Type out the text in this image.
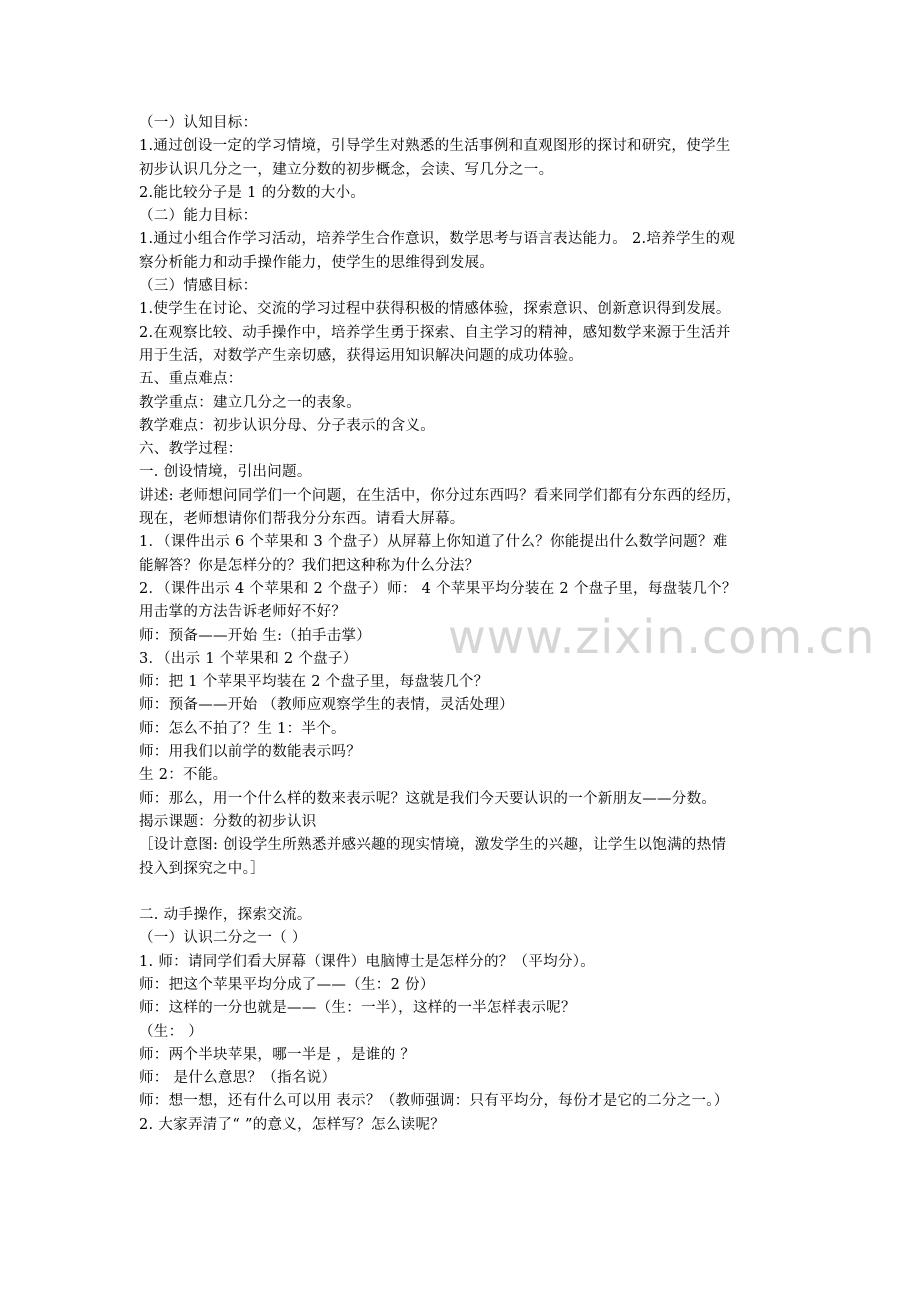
www.zixin.com.cn
（一）认知目标：
1.通过创设一定的学习情境，引导学生对熟悉的生活事例和直观图形的探讨和研究，使学生
初步认识几分之一，建立分数的初步概念，会读、写几分之一。
2.能比较分子是 1 的分数的大小。
（二）能力目标：
1.通过小组合作学习活动，培养学生合作意识，数学思考与语言表达能力。 2.培养学生的观
察分析能力和动手操作能力，使学生的思维得到发展。
（三）情感目标：
1.使学生在讨论、交流的学习过程中获得积极的情感体验，探索意识、创新意识得到发展。
2.在观察比较、动手操作中，培养学生勇于探索、自主学习的精神，感知数学来源于生活并
用于生活，对数学产生亲切感，获得运用知识解决问题的成功体验。
五、重点难点：
教学重点：建立几分之一的表象。
教学难点：初步认识分母、分子表示的含义。
六、教学过程：
一. 创设情境，引出问题。
讲述: 老师想问同学们一个问题，在生活中，你分过东西吗？看来同学们都有分东西的经历，
现在，老师想请你们帮我分分东西。请看大屏幕。
1．（课件出示 6 个苹果和 3 个盘子）从屏幕上你知道了什么？你能提出什么数学问题？难
能解答？你是怎样分的？我们把这种称为什么分法？
2．（课件出示 4 个苹果和 2 个盘子）师： 4 个苹果平均分装在 2 个盘子里，每盘装几个？
用击掌的方法告诉老师好不好？
师：预备——开始 生:（拍手击掌）
3．（出示 1 个苹果和 2 个盘子）
师：把 1 个苹果平均装在 2 个盘子里，每盘装几个？
师：预备——开始 （教师应观察学生的表情，灵活处理）
师：怎么不拍了？生 1：半个。
师：用我们以前学的数能表示吗？
生 2：不能。
师：那么，用一个什么样的数来表示呢？这就是我们今天要认识的一个新朋友——分数。
揭示课题：分数的初步认识
［设计意图: 创设学生所熟悉并感兴趣的现实情境，激发学生的兴趣，让学生以饱满的热情
投入到探究之中。］
二. 动手操作，探索交流。
（一）认识二分之一（ ）
1. 师：请同学们看大屏幕（课件）电脑博士是怎样分的？（平均分）。
师：把这个苹果平均分成了——（生：2 份）
师：这样的一分也就是——（生：一半），这样的一半怎样表示呢？
（生： ）
师：两个半块苹果，哪一半是 ，是谁的 ？
师： 是什么意思？（指名说）
师：想一想，还有什么可以用 表示？（教师强调：只有平均分，每份才是它的二分之一。）
2. 大家弄清了“ ”的意义，怎样写？怎么读呢？
